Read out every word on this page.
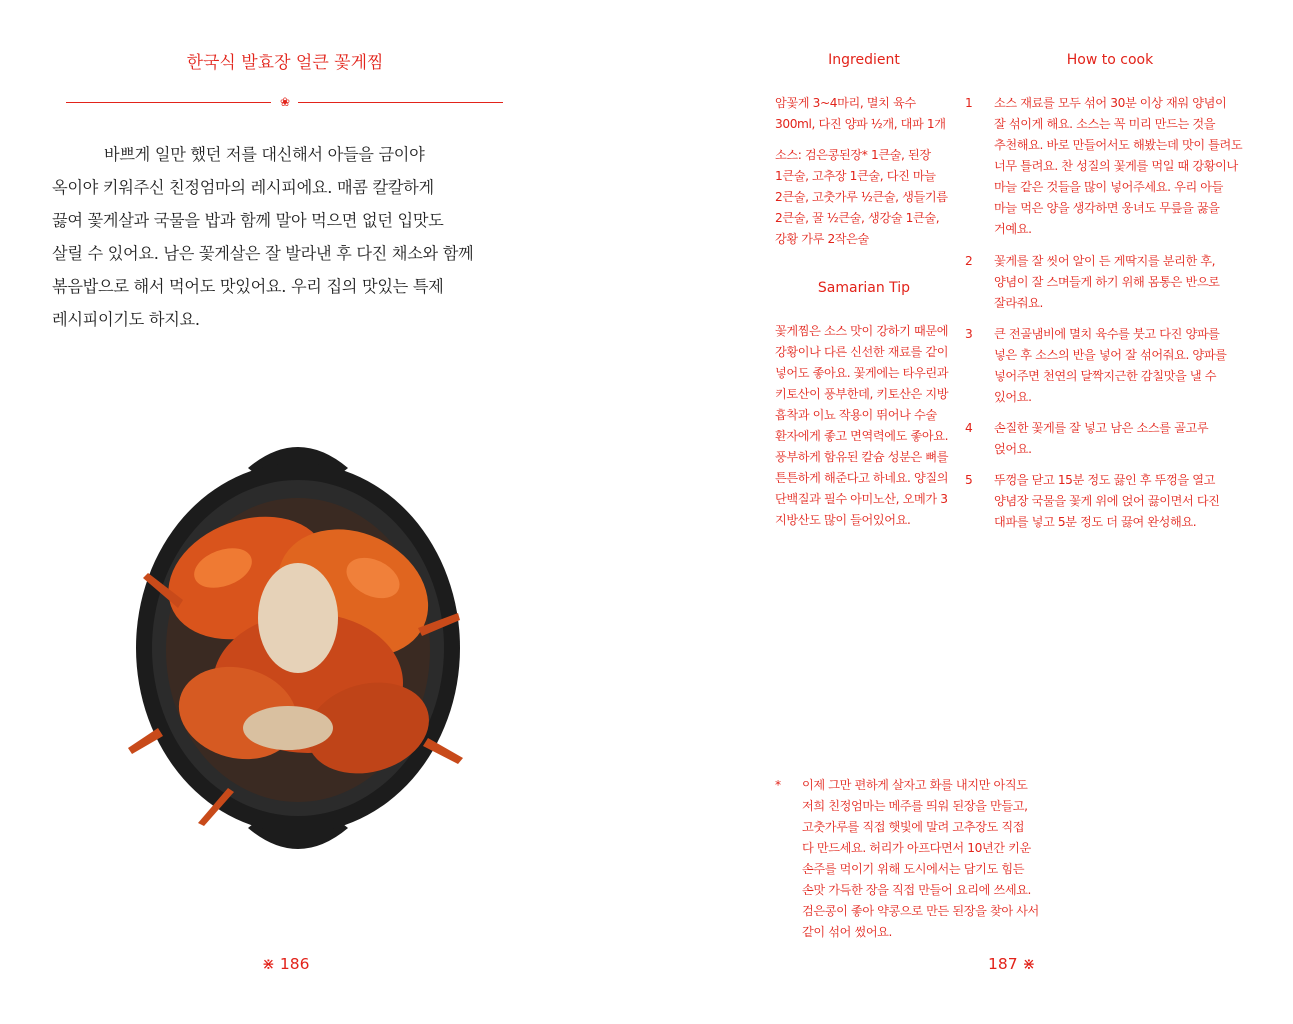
한국식 발효장 얼큰 꽃게찜
❀
바쁘게 일만 했던 저를 대신해서 아들을 금이야
옥이야 키워주신 친정엄마의 레시피에요. 매콤 칼칼하게
끓여 꽃게살과 국물을 밥과 함께 말아 먹으면 없던 입맛도
살릴 수 있어요. 남은 꽃게살은 잘 발라낸 후 다진 채소와 함께
볶음밥으로 해서 먹어도 맛있어요. 우리 집의 맛있는 특제
레시피이기도 하지요.
⋇ 186
Ingredient
암꽃게 3~4마리, 멸치 육수
300ml, 다진 양파 ½개, 대파 1개
소스: 검은콩된장* 1큰술, 된장
1큰술, 고추장 1큰술, 다진 마늘
2큰술, 고춧가루 ½큰술, 생들기름
2큰술, 꿀 ½큰술, 생강술 1큰술,
강황 가루 2작은술
Samarian Tip
꽃게찜은 소스 맛이 강하기 때문에
강황이나 다른 신선한 재료를 같이
넣어도 좋아요. 꽃게에는 타우린과
키토산이 풍부한데, 키토산은 지방
흡착과 이뇨 작용이 뛰어나 수술
환자에게 좋고 면역력에도 좋아요.
풍부하게 함유된 칼슘 성분은 뼈를
튼튼하게 해준다고 하네요. 양질의
단백질과 필수 아미노산, 오메가 3
지방산도 많이 들어있어요.
How to cook
1	소스 재료를 모두 섞어 30분 이상 재워 양념이
잘 섞이게 해요. 소스는 꼭 미리 만드는 것을
추천해요. 바로 만들어서도 해봤는데 맛이 틀려도
너무 틀려요. 찬 성질의 꽃게를 먹일 때 강황이나
마늘 같은 것들을 많이 넣어주세요. 우리 아들
마늘 먹은 양을 생각하면 웅녀도 무릎을 꿇을
거예요.
2	꽃게를 잘 씻어 알이 든 게딱지를 분리한 후,
양념이 잘 스며들게 하기 위해 몸통은 반으로
잘라줘요.
3	큰 전골냄비에 멸치 육수를 붓고 다진 양파를
넣은 후 소스의 반을 넣어 잘 섞어줘요. 양파를
넣어주면 천연의 달짝지근한 감칠맛을 낼 수
있어요.
4	손질한 꽃게를 잘 넣고 남은 소스를 골고루
얹어요.
5	뚜껑을 닫고 15분 정도 끓인 후 뚜껑을 열고
양념장 국물을 꽃게 위에 얹어 끓이면서 다진
대파를 넣고 5분 정도 더 끓여 완성해요.
* 이제 그만 편하게 살자고 화를 내지만 아직도
저희 친정엄마는 메주를 띄워 된장을 만들고,
고춧가루를 직접 햇빛에 말려 고추장도 직접
다 만드세요. 허리가 아프다면서 10년간 키운
손주를 먹이기 위해 도시에서는 담기도 힘든
손맛 가득한 장을 직접 만들어 요리에 쓰세요.
검은콩이 좋아 약콩으로 만든 된장을 찾아 사서
같이 섞어 썼어요.
187 ⋇
